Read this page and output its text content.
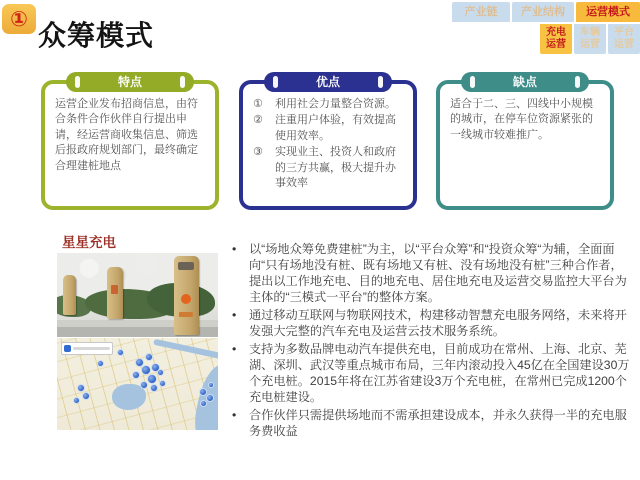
①
众筹模式
产业链	产业结构	运营模式
充电运营
车辆运营
平台运营
特点
运营企业发布招商信息，由符合条件合作伙伴自行提出申请，经运营商收集信息、筛选后报政府规划部门，最终确定合理建桩地点
优点
①	利用社会力量整合资源。
②	注重用户体验，有效提高使用效率。
③	实现业主、投资人和政府的三方共赢，极大提升办事效率
缺点
适合于二、三、四线中小规模的城市，在停车位资源紧张的一线城市较难推广。
星星充电	•	以“场地众筹免费建桩”为主，以“平台众筹”和“投资众筹“为辅，全面面向“只有场地没有桩、既有场地又有桩、没有场地没有桩”三种合作者，提出以工作地充电、目的地充电、居住地充电及运营交易监控大平台为主体的“三模式一平台”的整体方案。
•	通过移动互联网与物联网技术，构建移动智慧充电服务网络，未来将开发强大完整的汽车充电及运营云技术服务系统。
•	支持为多数品牌电动汽车提供充电，目前成功在常州、上海、北京、芜湖、深圳、武汉等重点城市布局，三年内滚动投入45亿在全国建设30万个充电桩。2015年将在江苏省建设3万个充电桩，在常州已完成1200个充电桩建设。
•	合作伙伴只需提供场地而不需承担建设成本，并永久获得一半的充电服务费收益
